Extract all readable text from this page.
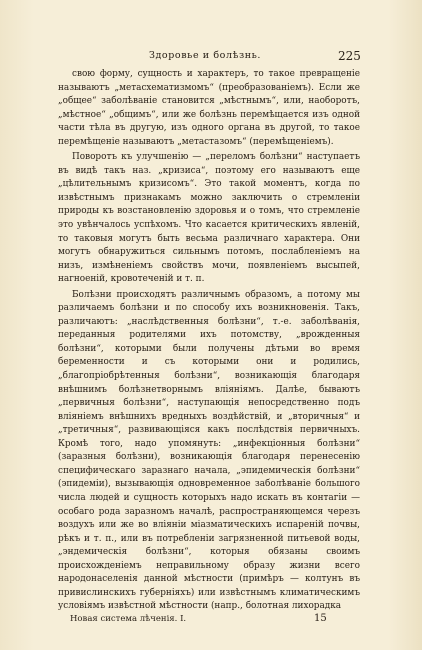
Здоровье и болѣзнь.	225

свою форму, сущность и характеръ, то такое превращеніе называютъ „метасхематизмомъ“ (преобразованіемъ). Если же „общее“ заболѣваніе становится „мѣстнымъ“, или, наоборотъ, „мѣстное“ „общимъ“, или же болѣзнь перемѣщается изъ одной части тѣла въ другую, изъ одного органа въ другой, то такое перемѣщеніе называютъ „метастазомъ“ (перемѣщеніемъ).

Поворотъ къ улучшенію — „переломъ болѣзни“ наступаетъ въ видѣ такъ наз. „кризиса“, поэтому его называютъ еще „цѣлительнымъ кризисомъ“. Это такой моментъ, когда по извѣстнымъ признакамъ можно заключить о стремленіи природы къ возстановленію здоровья и о томъ, что стремленіе это увѣнчалось успѣхомъ. Что касается критическихъ явленій, то таковыя могутъ быть весьма различнаго характера. Они могутъ обнаружиться сильнымъ потомъ, послабленіемъ на низъ, измѣненіемъ свойствъ мочи, появленіемъ высыпей, нагноеній, кровотеченій и т. п.

Болѣзни происходятъ различнымъ образомъ, а потому мы различаемъ болѣзни и по способу ихъ возникновенія. Такъ, различаютъ: „наслѣдственныя болѣзни“, т.-е. заболѣванія, переданныя родителями ихъ потомству, „врожденныя болѣзни“, которыми были получены дѣтьми во время беременности и съ которыми они и родились, „благопріобрѣтенныя болѣзни“, возникающія благодаря внѣшнимъ болѣзнетворнымъ вліяніямъ. Далѣе, бываютъ „первичныя болѣзни“, наступающія непосредственно подъ вліяніемъ внѣшнихъ вредныхъ воздѣйствій, и „вторичныя“ и „третичныя“, развивающіяся какъ послѣдствія первичныхъ. Кромѣ того, надо упомянуть: „инфекціонныя болѣзни“ (заразныя болѣзни), возникающія благодаря перенесенію специфическаго заразнаго начала, „эпидемическія болѣзни“ (эпидеміи), вызывающія одновременное заболѣваніе большого числа людей и сущность которыхъ надо искать въ контагіи — особаго рода заразномъ началѣ, распространяющемся черезъ воздухъ или же во вліяніи міазматическихъ испареній почвы, рѣкъ и т. п., или въ потребленіи загрязненной питьевой воды, „эндемическія болѣзни“, которыя обязаны своимъ происхожденіемъ неправильному образу жизни всего народонаселенія данной мѣстности (примѣръ — колтунъ въ привислинскихъ губерніяхъ) или извѣстнымъ климатическимъ условіямъ извѣстной мѣстности (напр., болотная лихорадка

Новая система лѣченія. I.	15
